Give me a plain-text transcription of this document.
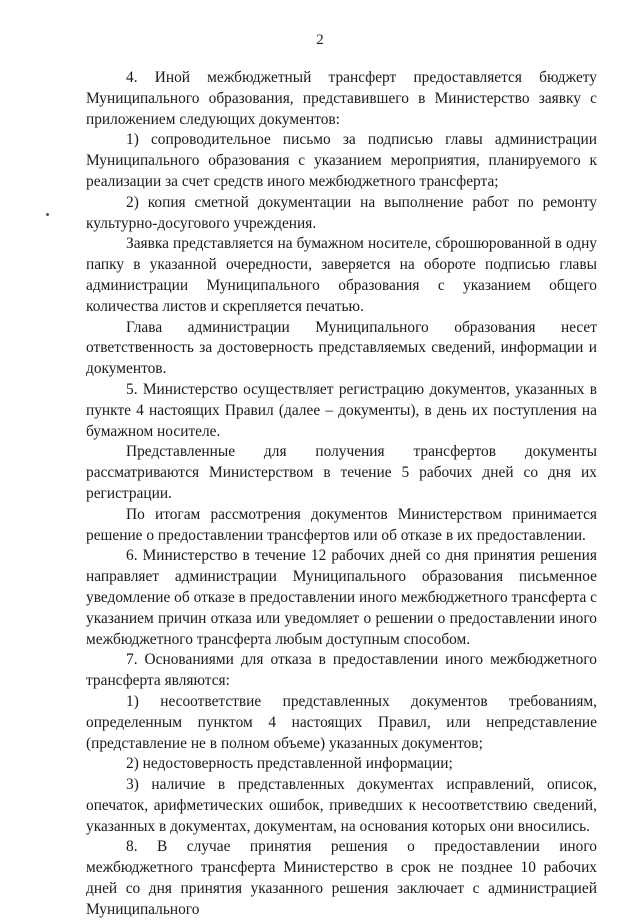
2

4. Иной межбюджетный трансферт предоставляется бюджету Муниципального образования, представившего в Министерство заявку с приложением следующих документов:

1) сопроводительное письмо за подписью главы администрации Муниципального образования с указанием мероприятия, планируемого к реализации за счет средств иного межбюджетного трансферта;

2) копия сметной документации на выполнение работ по ремонту культурно-досугового учреждения.

Заявка представляется на бумажном носителе, сброшюрованной в одну папку в указанной очередности, заверяется на обороте подписью главы администрации Муниципального образования с указанием общего количества листов и скрепляется печатью.

Глава администрации Муниципального образования несет ответственность за достоверность представляемых сведений, информации и документов.

5. Министерство осуществляет регистрацию документов, указанных в пункте 4 настоящих Правил (далее – документы), в день их поступления на бумажном носителе.

Представленные для получения трансфертов документы рассматриваются Министерством в течение 5 рабочих дней со дня их регистрации.

По итогам рассмотрения документов Министерством принимается решение о предоставлении трансфертов или об отказе в их предоставлении.

6. Министерство в течение 12 рабочих дней со дня принятия решения направляет администрации Муниципального образования письменное уведомление об отказе в предоставлении иного межбюджетного трансферта с указанием причин отказа или уведомляет о решении о предоставлении иного межбюджетного трансферта любым доступным способом.

7. Основаниями для отказа в предоставлении иного межбюджетного трансферта являются:

1) несоответствие представленных документов требованиям, определенным пунктом 4 настоящих Правил, или непредставление (представление не в полном объеме) указанных документов;

2) недостоверность представленной информации;

3) наличие в представленных документах исправлений, описок, опечаток, арифметических ошибок, приведших к несоответствию сведений, указанных в документах, документам, на основания которых они вносились.

8. В случае принятия решения о предоставлении иного межбюджетного трансферта Министерство в срок не позднее 10 рабочих дней со дня принятия указанного решения заключает с администрацией Муниципального
